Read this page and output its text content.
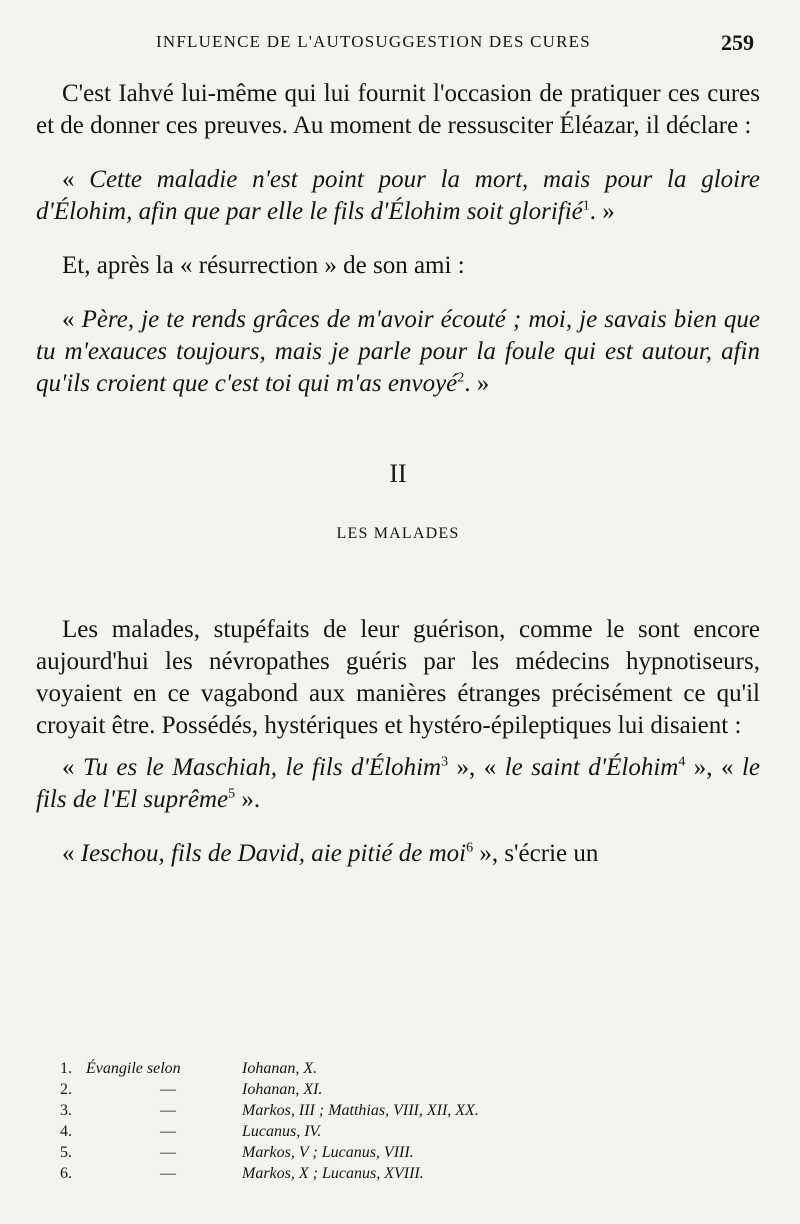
INFLUENCE DE L'AUTOSUGGESTION DES CURES	259

C'est Iahvé lui-même qui lui fournit l'occasion de pratiquer ces cures et de donner ces preuves. Au moment de ressusciter Éléazar, il déclare :

« Cette maladie n'est point pour la mort, mais pour la gloire d'Élohim, afin que par elle le fils d'Élohim soit glorifié$^1$. »

Et, après la « résurrection » de son ami :

« Père, je te rends grâces de m'avoir écouté ; moi, je savais bien que tu m'exauces toujours, mais je parle pour la foule qui est autour, afin qu'ils croient que c'est toi qui m'as envoyé$^2$. »

II
LES MALADES

Les malades, stupéfaits de leur guérison, comme le sont encore aujourd'hui les névropathes guéris par les médecins hypnotiseurs, voyaient en ce vagabond aux manières étranges précisément ce qu'il croyait être. Possédés, hystériques et hystéro-épileptiques lui disaient :

« Tu es le Maschiah, le fils d'Élohim$^3$ », « le saint d'Élohim$^4$ », « le fils de l'El suprême$^5$ ».

« Ieschou, fils de David, aie pitié de moi$^6$ », s'écrie un

1. Évangile selon	Iohanan, X.
2.	—	Iohanan, XI.
3.	—	Markos, III ; Matthias, VIII, XII, XX.
4.	—	Lucanus, IV.
5.	—	Markos, V ; Lucanus, VIII.
6.	—	Markos, X ; Lucanus, XVIII.
